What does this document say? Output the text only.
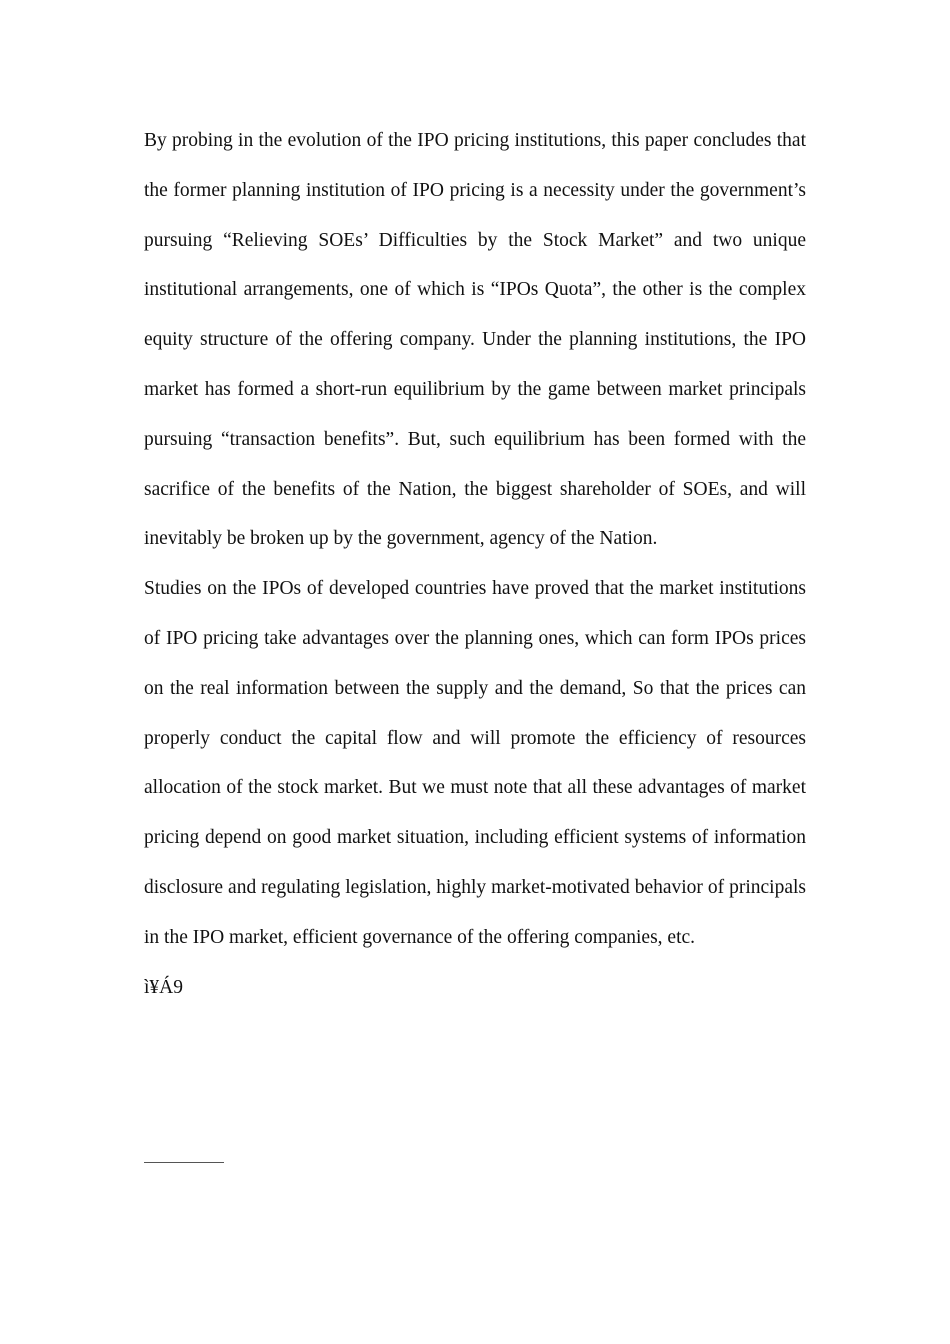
By probing in the evolution of the IPO pricing institutions, this paper concludes that the former planning institution of IPO pricing is a necessity under the government’s pursuing “Relieving SOEs’ Difficulties by the Stock Market” and two unique institutional arrangements, one of which is “IPOs Quota”, the other is the complex equity structure of the offering company. Under the planning institutions, the IPO market has formed a short-run equilibrium by the game between market principals pursuing “transaction benefits”. But, such equilibrium has been formed with the sacrifice of the benefits of the Nation, the biggest shareholder of SOEs, and will inevitably be broken up by the government, agency of the Nation.

Studies on the IPOs of developed countries have proved that the market institutions of IPO pricing take advantages over the planning ones, which can form IPOs prices on the real information between the supply and the demand, So that the prices can properly conduct the capital flow and will promote the efficiency of resources allocation of the stock market. But we must note that all these advantages of market pricing depend on good market situation, including efficient systems of information disclosure and regulating legislation, highly market-motivated behavior of principals in the IPO market, efficient governance of the offering companies, etc.

ì¥Á9
